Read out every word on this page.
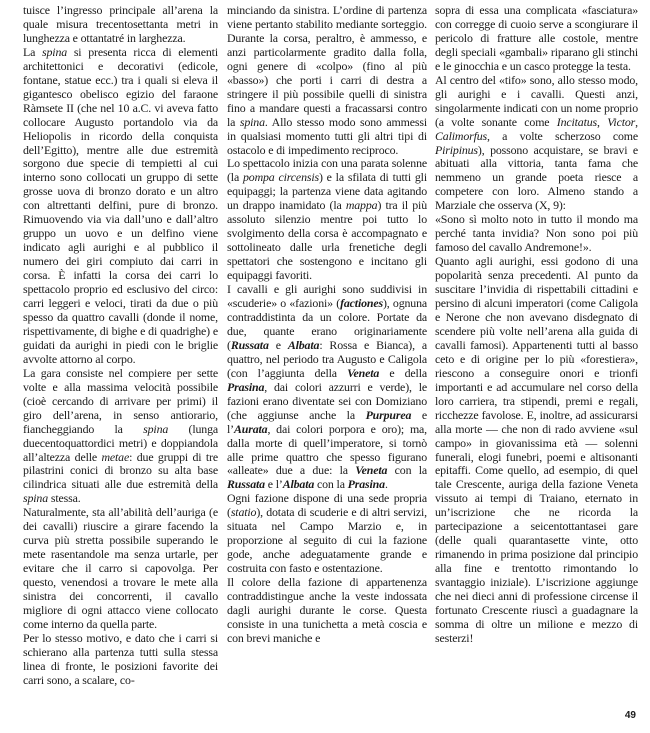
tuisce l’ingresso principale all’arena la quale misura trecentosettanta metri in lunghezza e ottantatré in larghezza.

La spina si presenta ricca di elementi architettonici e decorativi (edicole, fontane, statue ecc.) tra i quali si eleva il gigantesco obelisco egizio del faraone Ràmsete II (che nel 10 a.C. vi aveva fatto collocare Augusto portandolo via da Heliopolis in ricordo della conquista dell’Egitto), mentre alle due estremità sorgono due specie di tempietti al cui interno sono collocati un gruppo di sette grosse uova di bronzo dorato e un altro con altrettanti delfini, pure di bronzo. Rimuovendo via via dall’uno e dall’altro gruppo un uovo e un delfino viene indicato agli aurighi e al pubblico il numero dei giri compiuto dai carri in corsa. È infatti la corsa dei carri lo spettacolo proprio ed esclusivo del circo: carri leggeri e veloci, tirati da due o più spesso da quattro cavalli (donde il nome, rispettivamente, di bighe e di quadrighe) e guidati da aurighi in piedi con le briglie avvolte attorno al corpo.

La gara consiste nel compiere per sette volte e alla massima velocità possibile (cioè cercando di arrivare per primi) il giro dell’arena, in senso antiorario, fiancheggiando la spina (lunga duecentoquattordici metri) e doppiandola all’altezza delle metae: due gruppi di tre pilastrini conici di bronzo su alta base cilindrica situati alle due estremità della spina stessa.

Naturalmente, sta all’abilità dell’auriga (e dei cavalli) riuscire a girare facendo la curva più stretta possibile superando le mete rasentandole ma senza urtarle, per evitare che il carro si capovolga. Per questo, venendosi a trovare le mete alla sinistra dei concorrenti, il cavallo migliore di ogni attacco viene collocato come interno da quella parte.

Per lo stesso motivo, e dato che i carri si schierano alla partenza tutti sulla stessa linea di fronte, le posizioni favorite dei carri sono, a scalare, co-

minciando da sinistra. L’ordine di partenza viene pertanto stabilito mediante sorteggio. Durante la corsa, peraltro, è ammesso, e anzi particolarmente gradito dalla folla, ogni genere di «colpo» (fino al più «basso») che porti i carri di destra a stringere il più possibile quelli di sinistra fino a mandare questi a fracassarsi contro la spina. Allo stesso modo sono ammessi in qualsiasi momento tutti gli altri tipi di ostacolo e di impedimento reciproco.

Lo spettacolo inizia con una parata solenne (la pompa circensis) e la sfilata di tutti gli equipaggi; la partenza viene data agitando un drappo inamidato (la mappa) tra il più assoluto silenzio mentre poi tutto lo svolgimento della corsa è accompagnato e sottolineato dalle urla frenetiche degli spettatori che sostengono e incitano gli equipaggi favoriti.

I cavalli e gli aurighi sono suddivisi in «scuderie» o «fazioni» (factiones), ognuna contraddistinta da un colore. Portate da due, quante erano originariamente (Russata e Albata: Rossa e Bianca), a quattro, nel periodo tra Augusto e Caligola (con l’aggiunta della Veneta e della Prasina, dai colori azzurri e verde), le fazioni erano diventate sei con Domiziano (che aggiunse anche la Purpurea e l’Aurata, dai colori porpora e oro); ma, dalla morte di quell’imperatore, si tornò alle prime quattro che spesso figurano «alleate» due a due: la Veneta con la Russata e l’Albata con la Prasina.

Ogni fazione dispone di una sede propria (statio), dotata di scuderie e di altri servizi, situata nel Campo Marzio e, in proporzione al seguito di cui la fazione gode, anche adeguatamente grande e costruita con fasto e ostentazione.

Il colore della fazione di appartenenza contraddistingue anche la veste indossata dagli aurighi durante le corse. Questa consiste in una tunichetta a metà coscia e con brevi maniche e

sopra di essa una complicata «fasciatura» con corregge di cuoio serve a scongiurare il pericolo di fratture alle costole, mentre degli speciali «gambali» riparano gli stinchi e le ginocchia e un casco protegge la testa.

Al centro del «tifo» sono, allo stesso modo, gli aurighi e i cavalli. Questi anzi, singolarmente indicati con un nome proprio (a volte sonante come Incitatus, Victor, Calimorfus, a volte scherzoso come Piripinus), possono acquistare, se bravi e abituati alla vittoria, tanta fama che nemmeno un grande poeta riesce a competere con loro. Almeno stando a Marziale che osserva (X, 9):

«Sono sì molto noto in tutto il mondo ma perché tanta invidia? Non sono poi più famoso del cavallo Andremone!».

Quanto agli aurighi, essi godono di una popolarità senza precedenti. Al punto da suscitare l’invidia di rispettabili cittadini e persino di alcuni imperatori (come Caligola e Nerone che non avevano disdegnato di scendere più volte nell’arena alla guida di cavalli famosi). Appartenenti tutti al basso ceto e di origine per lo più «forestiera», riescono a conseguire onori e trionfi importanti e ad accumulare nel corso della loro carriera, tra stipendi, premi e regali, ricchezze favolose. E, inoltre, ad assicurarsi alla morte — che non di rado avviene «sul campo» in giovanissima età — solenni funerali, elogi funebri, poemi e altisonanti epitaffi. Come quello, ad esempio, di quel tale Crescente, auriga della fazione Veneta vissuto ai tempi di Traiano, eternato in un’iscrizione che ne ricorda la partecipazione a seicentottantasei gare (delle quali quarantasette vinte, otto rimanendo in prima posizione dal principio alla fine e trentotto rimontando lo svantaggio iniziale). L’iscrizione aggiunge che nei dieci anni di professione circense il fortunato Crescente riuscì a guadagnare la somma di oltre un milione e mezzo di sesterzi!

49
